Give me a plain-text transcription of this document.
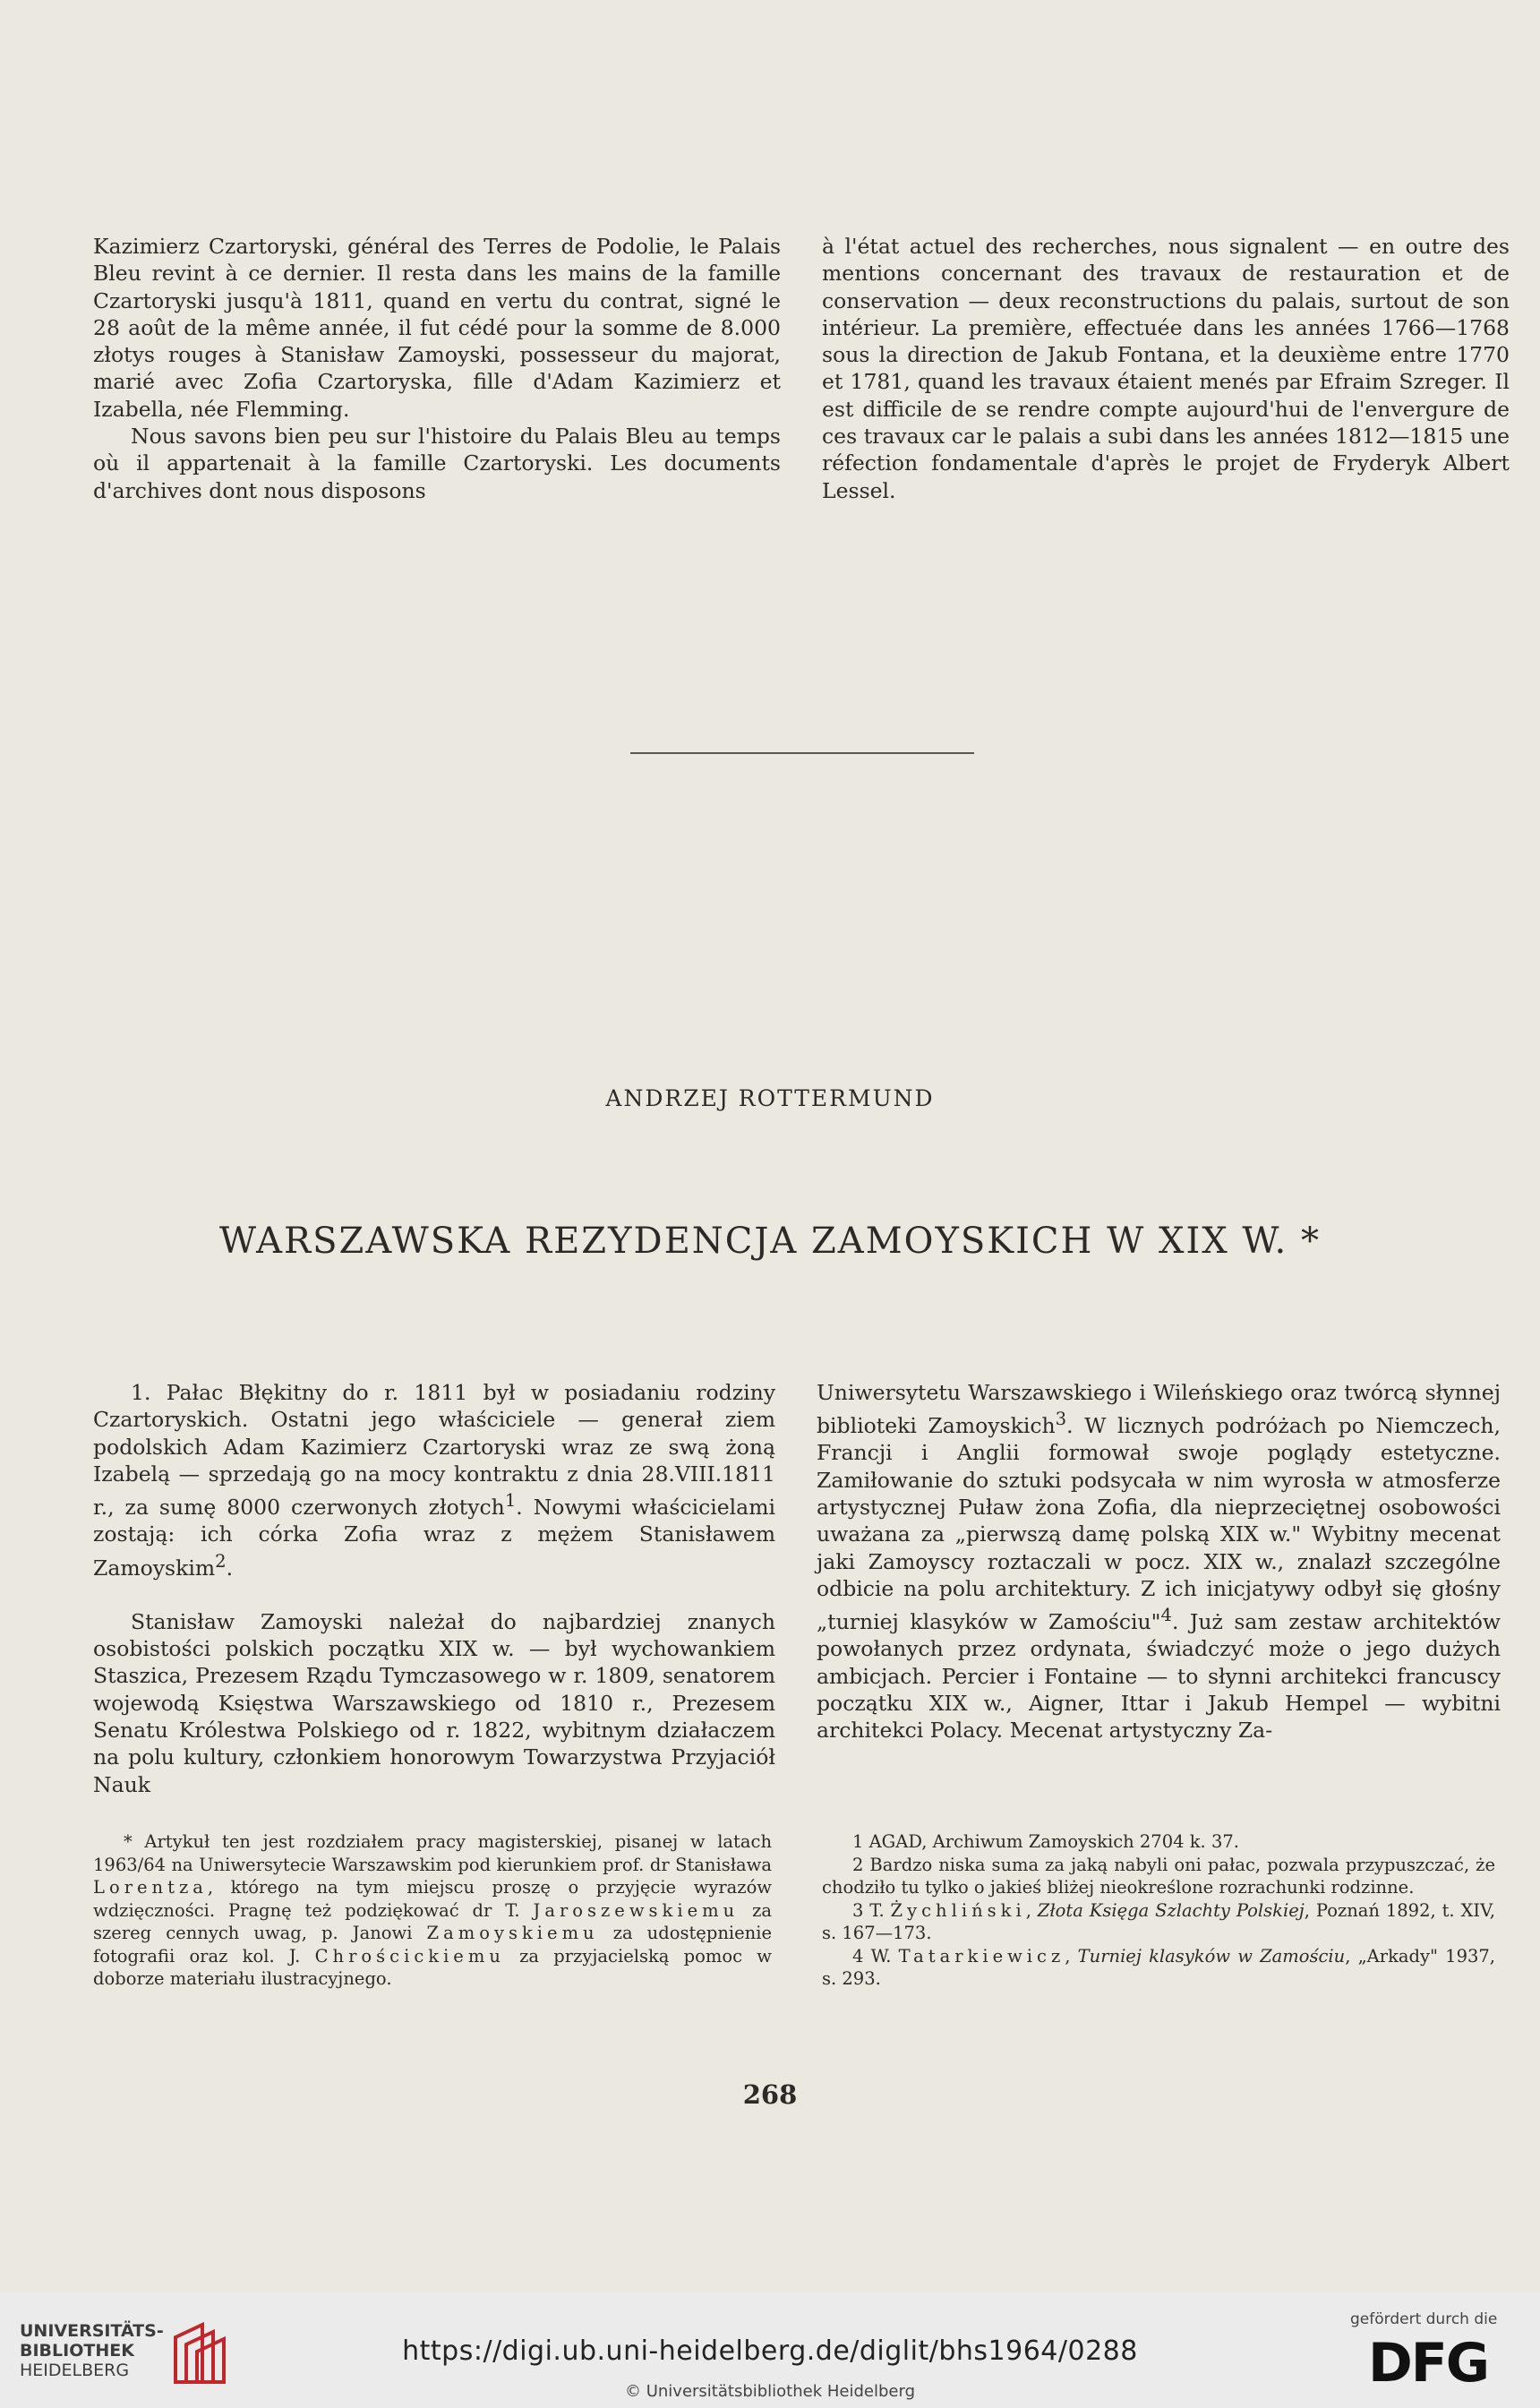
Kazimierz Czartoryski, général des Terres de Podolie, le Palais Bleu revint à ce dernier. Il resta dans les mains de la famille Czartoryski jusqu'à 1811, quand en vertu du contrat, signé le 28 août de la même année, il fut cédé pour la somme de 8.000 złotys rouges à Stanisław Zamoyski, possesseur du majorat, marié avec Zofia Czartoryska, fille d'Adam Kazimierz et Izabella, née Flemming.

Nous savons bien peu sur l'histoire du Palais Bleu au temps où il appartenait à la famille Czartoryski. Les documents d'archives dont nous disposons

à l'état actuel des recherches, nous signalent — en outre des mentions concernant des travaux de restauration et de conservation — deux reconstructions du palais, surtout de son intérieur. La première, effectuée dans les années 1766—1768 sous la direction de Jakub Fontana, et la deuxième entre 1770 et 1781, quand les travaux étaient menés par Efraim Szreger. Il est difficile de se rendre compte aujourd'hui de l'envergure de ces travaux car le palais a subi dans les années 1812—1815 une réfection fondamentale d'après le projet de Fryderyk Albert Lessel.

ANDRZEJ ROTTERMUND
WARSZAWSKA REZYDENCJA ZAMOYSKICH W XIX W. *

1. Pałac Błękitny do r. 1811 był w posiadaniu rodziny Czartoryskich. Ostatni jego właściciele — generał ziem podolskich Adam Kazimierz Czartoryski wraz ze swą żoną Izabelą — sprzedają go na mocy kontraktu z dnia 28.VIII.1811 r., za sumę 8000 czerwonych złotych$^1$. Nowymi właścicielami zostają: ich córka Zofia wraz z mężem Stanisławem Zamoyskim$^2$.

Stanisław Zamoyski należał do najbardziej znanych osobistości polskich początku XIX w. — był wychowankiem Staszica, Prezesem Rządu Tymczasowego w r. 1809, senatorem wojewodą Księstwa Warszawskiego od 1810 r., Prezesem Senatu Królestwa Polskiego od r. 1822, wybitnym działaczem na polu kultury, członkiem honorowym Towarzystwa Przyjaciół Nauk

Uniwersytetu Warszawskiego i Wileńskiego oraz twórcą słynnej biblioteki Zamoyskich$^3$. W licznych podróżach po Niemczech, Francji i Anglii formował swoje poglądy estetyczne. Zamiłowanie do sztuki podsycała w nim wyrosła w atmosferze artystycznej Puław żona Zofia, dla nieprzeciętnej osobowości uważana za „pierwszą damę polską XIX w." Wybitny mecenat jaki Zamoyscy roztaczali w pocz. XIX w., znalazł szczególne odbicie na polu architektury. Z ich inicjatywy odbył się głośny „turniej klasyków w Zamościu"$^4$. Już sam zestaw architektów powołanych przez ordynata, świadczyć może o jego dużych ambicjach. Percier i Fontaine — to słynni architekci francuscy początku XIX w., Aigner, Ittar i Jakub Hempel — wybitni architekci Polacy. Mecenat artystyczny Za-

* Artykuł ten jest rozdziałem pracy magisterskiej, pisanej w latach 1963/64 na Uniwersytecie Warszawskim pod kierunkiem prof. dr Stanisława Lorentza, którego na tym miejscu proszę o przyjęcie wyrazów wdzięczności. Pragnę też podziękować dr T. Jaroszewskiemu za szereg cennych uwag, p. Janowi Zamoyskiemu za udostępnienie fotografii oraz kol. J. Chrościckiemu za przyjacielską pomoc w doborze materiału ilustracyjnego.

1 AGAD, Archiwum Zamoyskich 2704 k. 37.

2 Bardzo niska suma za jaką nabyli oni pałac, pozwala przypuszczać, że chodziło tu tylko o jakieś bliżej nieokreślone rozrachunki rodzinne.

3 T. Żychliński, Złota Księga Szlachty Polskiej, Poznań 1892, t. XIV, s. 167—173.

4 W. Tatarkiewicz, Turniej klasyków w Zamościu, „Arkady" 1937, s. 293.

268
UNIVERSITÄTS-
BIBLIOTHEK
HEIDELBERG
https://digi.ub.uni-heidelberg.de/diglit/bhs1964/0288
© Universitätsbibliothek Heidelberg
gefördert durch die
DFG
